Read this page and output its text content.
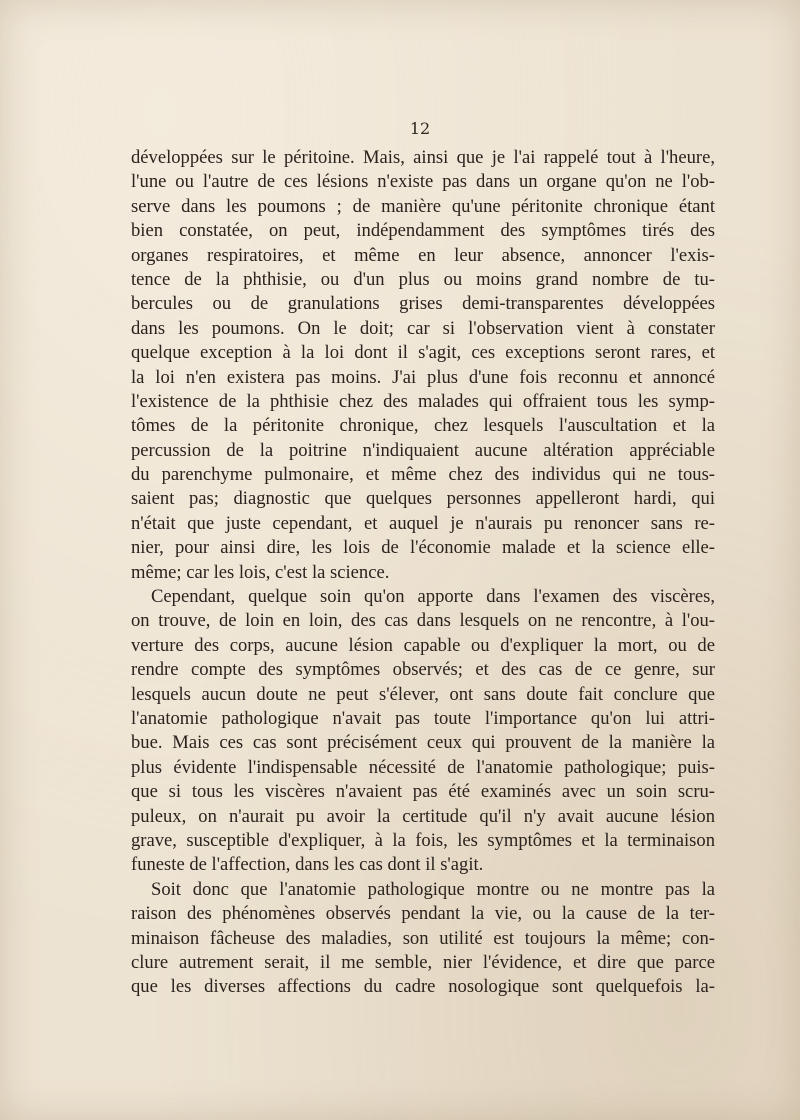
12
développées sur le péritoine. Mais, ainsi que je l'ai rappelé tout à l'heure,
l'une ou l'autre de ces lésions n'existe pas dans un organe qu'on ne l'ob-
serve dans les poumons ; de manière qu'une péritonite chronique étant
bien constatée, on peut, indépendamment des symptômes tirés des
organes respiratoires, et même en leur absence, annoncer l'exis-
tence de la phthisie, ou d'un plus ou moins grand nombre de tu-
bercules ou de granulations grises demi-transparentes développées
dans les poumons. On le doit; car si l'observation vient à constater
quelque exception à la loi dont il s'agit, ces exceptions seront rares, et
la loi n'en existera pas moins. J'ai plus d'une fois reconnu et annoncé
l'existence de la phthisie chez des malades qui offraient tous les symp-
tômes de la péritonite chronique, chez lesquels l'auscultation et la
percussion de la poitrine n'indiquaient aucune altération appréciable
du parenchyme pulmonaire, et même chez des individus qui ne tous-
saient pas; diagnostic que quelques personnes appelleront hardi, qui
n'était que juste cependant, et auquel je n'aurais pu renoncer sans re-
nier, pour ainsi dire, les lois de l'économie malade et la science elle-
même; car les lois, c'est la science.
Cependant, quelque soin qu'on apporte dans l'examen des viscères,
on trouve, de loin en loin, des cas dans lesquels on ne rencontre, à l'ou-
verture des corps, aucune lésion capable ou d'expliquer la mort, ou de
rendre compte des symptômes observés; et des cas de ce genre, sur
lesquels aucun doute ne peut s'élever, ont sans doute fait conclure que
l'anatomie pathologique n'avait pas toute l'importance qu'on lui attri-
bue. Mais ces cas sont précisément ceux qui prouvent de la manière la
plus évidente l'indispensable nécessité de l'anatomie pathologique; puis-
que si tous les viscères n'avaient pas été examinés avec un soin scru-
puleux, on n'aurait pu avoir la certitude qu'il n'y avait aucune lésion
grave, susceptible d'expliquer, à la fois, les symptômes et la terminaison
funeste de l'affection, dans les cas dont il s'agit.
Soit donc que l'anatomie pathologique montre ou ne montre pas la
raison des phénomènes observés pendant la vie, ou la cause de la ter-
minaison fâcheuse des maladies, son utilité est toujours la même; con-
clure autrement serait, il me semble, nier l'évidence, et dire que parce
que les diverses affections du cadre nosologique sont quelquefois la-
